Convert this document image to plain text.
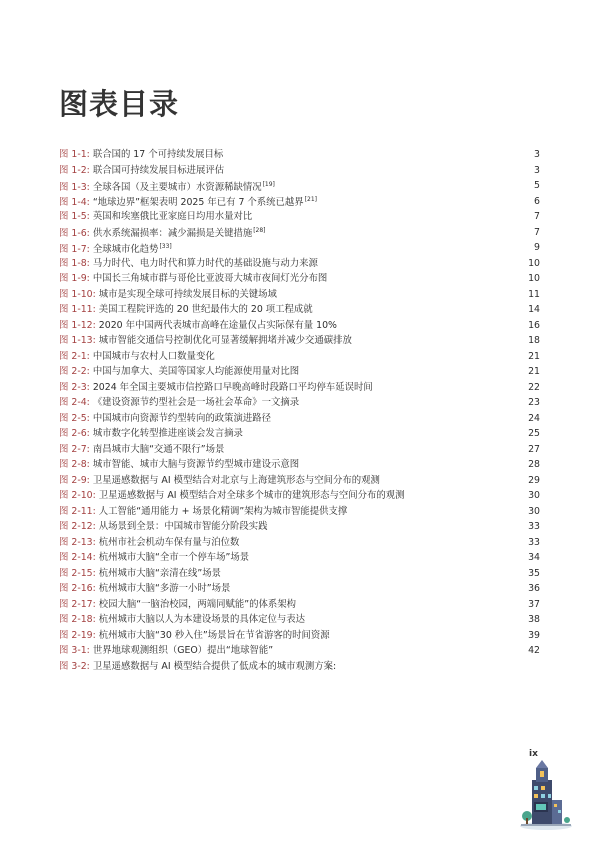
图表目录
图 1-1: 联合国的 17 个可持续发展目标	3
图 1-2: 联合国可持续发展目标进展评估	3
图 1-3: 全球各国（及主要城市）水资源稀缺情况[19]	5
图 1-4: “地球边界”框架表明 2025 年已有 7 个系统已越界[21]	6
图 1-5: 英国和埃塞俄比亚家庭日均用水量对比	7
图 1-6: 供水系统漏损率：减少漏损是关键措施[28]	7
图 1-7: 全球城市化趋势[33]	9
图 1-8: 马力时代、电力时代和算力时代的基础设施与动力来源	10
图 1-9: 中国长三角城市群与哥伦比亚波哥大城市夜间灯光分布图	10
图 1-10: 城市是实现全球可持续发展目标的关键场域	11
图 1-11: 美国工程院评选的 20 世纪最伟大的 20 项工程成就	14
图 1-12: 2020 年中国两代表城市高峰在途量仅占实际保有量 10%	16
图 1-13: 城市智能交通信号控制优化可显著缓解拥堵并减少交通碳排放	18
图 2-1: 中国城市与农村人口数量变化	21
图 2-2: 中国与加拿大、美国等国家人均能源使用量对比图	21
图 2-3: 2024 年全国主要城市信控路口早晚高峰时段路口平均停车延误时间	22
图 2-4: 《建设资源节约型社会是一场社会革命》一文摘录	23
图 2-5: 中国城市向资源节约型转向的政策演进路径	24
图 2-6: 城市数字化转型推进座谈会发言摘录	25
图 2-7: 南昌城市大脑“交通不限行”场景	27
图 2-8: 城市智能、城市大脑与资源节约型城市建设示意图	28
图 2-9: 卫星遥感数据与 AI 模型结合对北京与上海建筑形态与空间分布的观测	29
图 2-10: 卫星遥感数据与 AI 模型结合对全球多个城市的建筑形态与空间分布的观测	30
图 2-11: 人工智能“通用能力 + 场景化精调”架构为城市智能提供支撑	30
图 2-12: 从场景到全景：中国城市智能分阶段实践	33
图 2-13: 杭州市社会机动车保有量与泊位数	33
图 2-14: 杭州城市大脑“全市一个停车场”场景	34
图 2-15: 杭州城市大脑“亲清在线”场景	35
图 2-16: 杭州城市大脑“多游一小时”场景	36
图 2-17: 校园大脑“一脑治校园，两端同赋能”的体系架构	37
图 2-18: 杭州城市大脑以人为本建设场景的具体定位与表达	38
图 2-19: 杭州城市大脑“30 秒入住”场景旨在节省游客的时间资源	39
图 3-1: 世界地球观测组织（GEO）提出“地球智能”	42
图 3-2: 卫星遥感数据与 AI 模型结合提供了低成本的城市观测方案:
ix
